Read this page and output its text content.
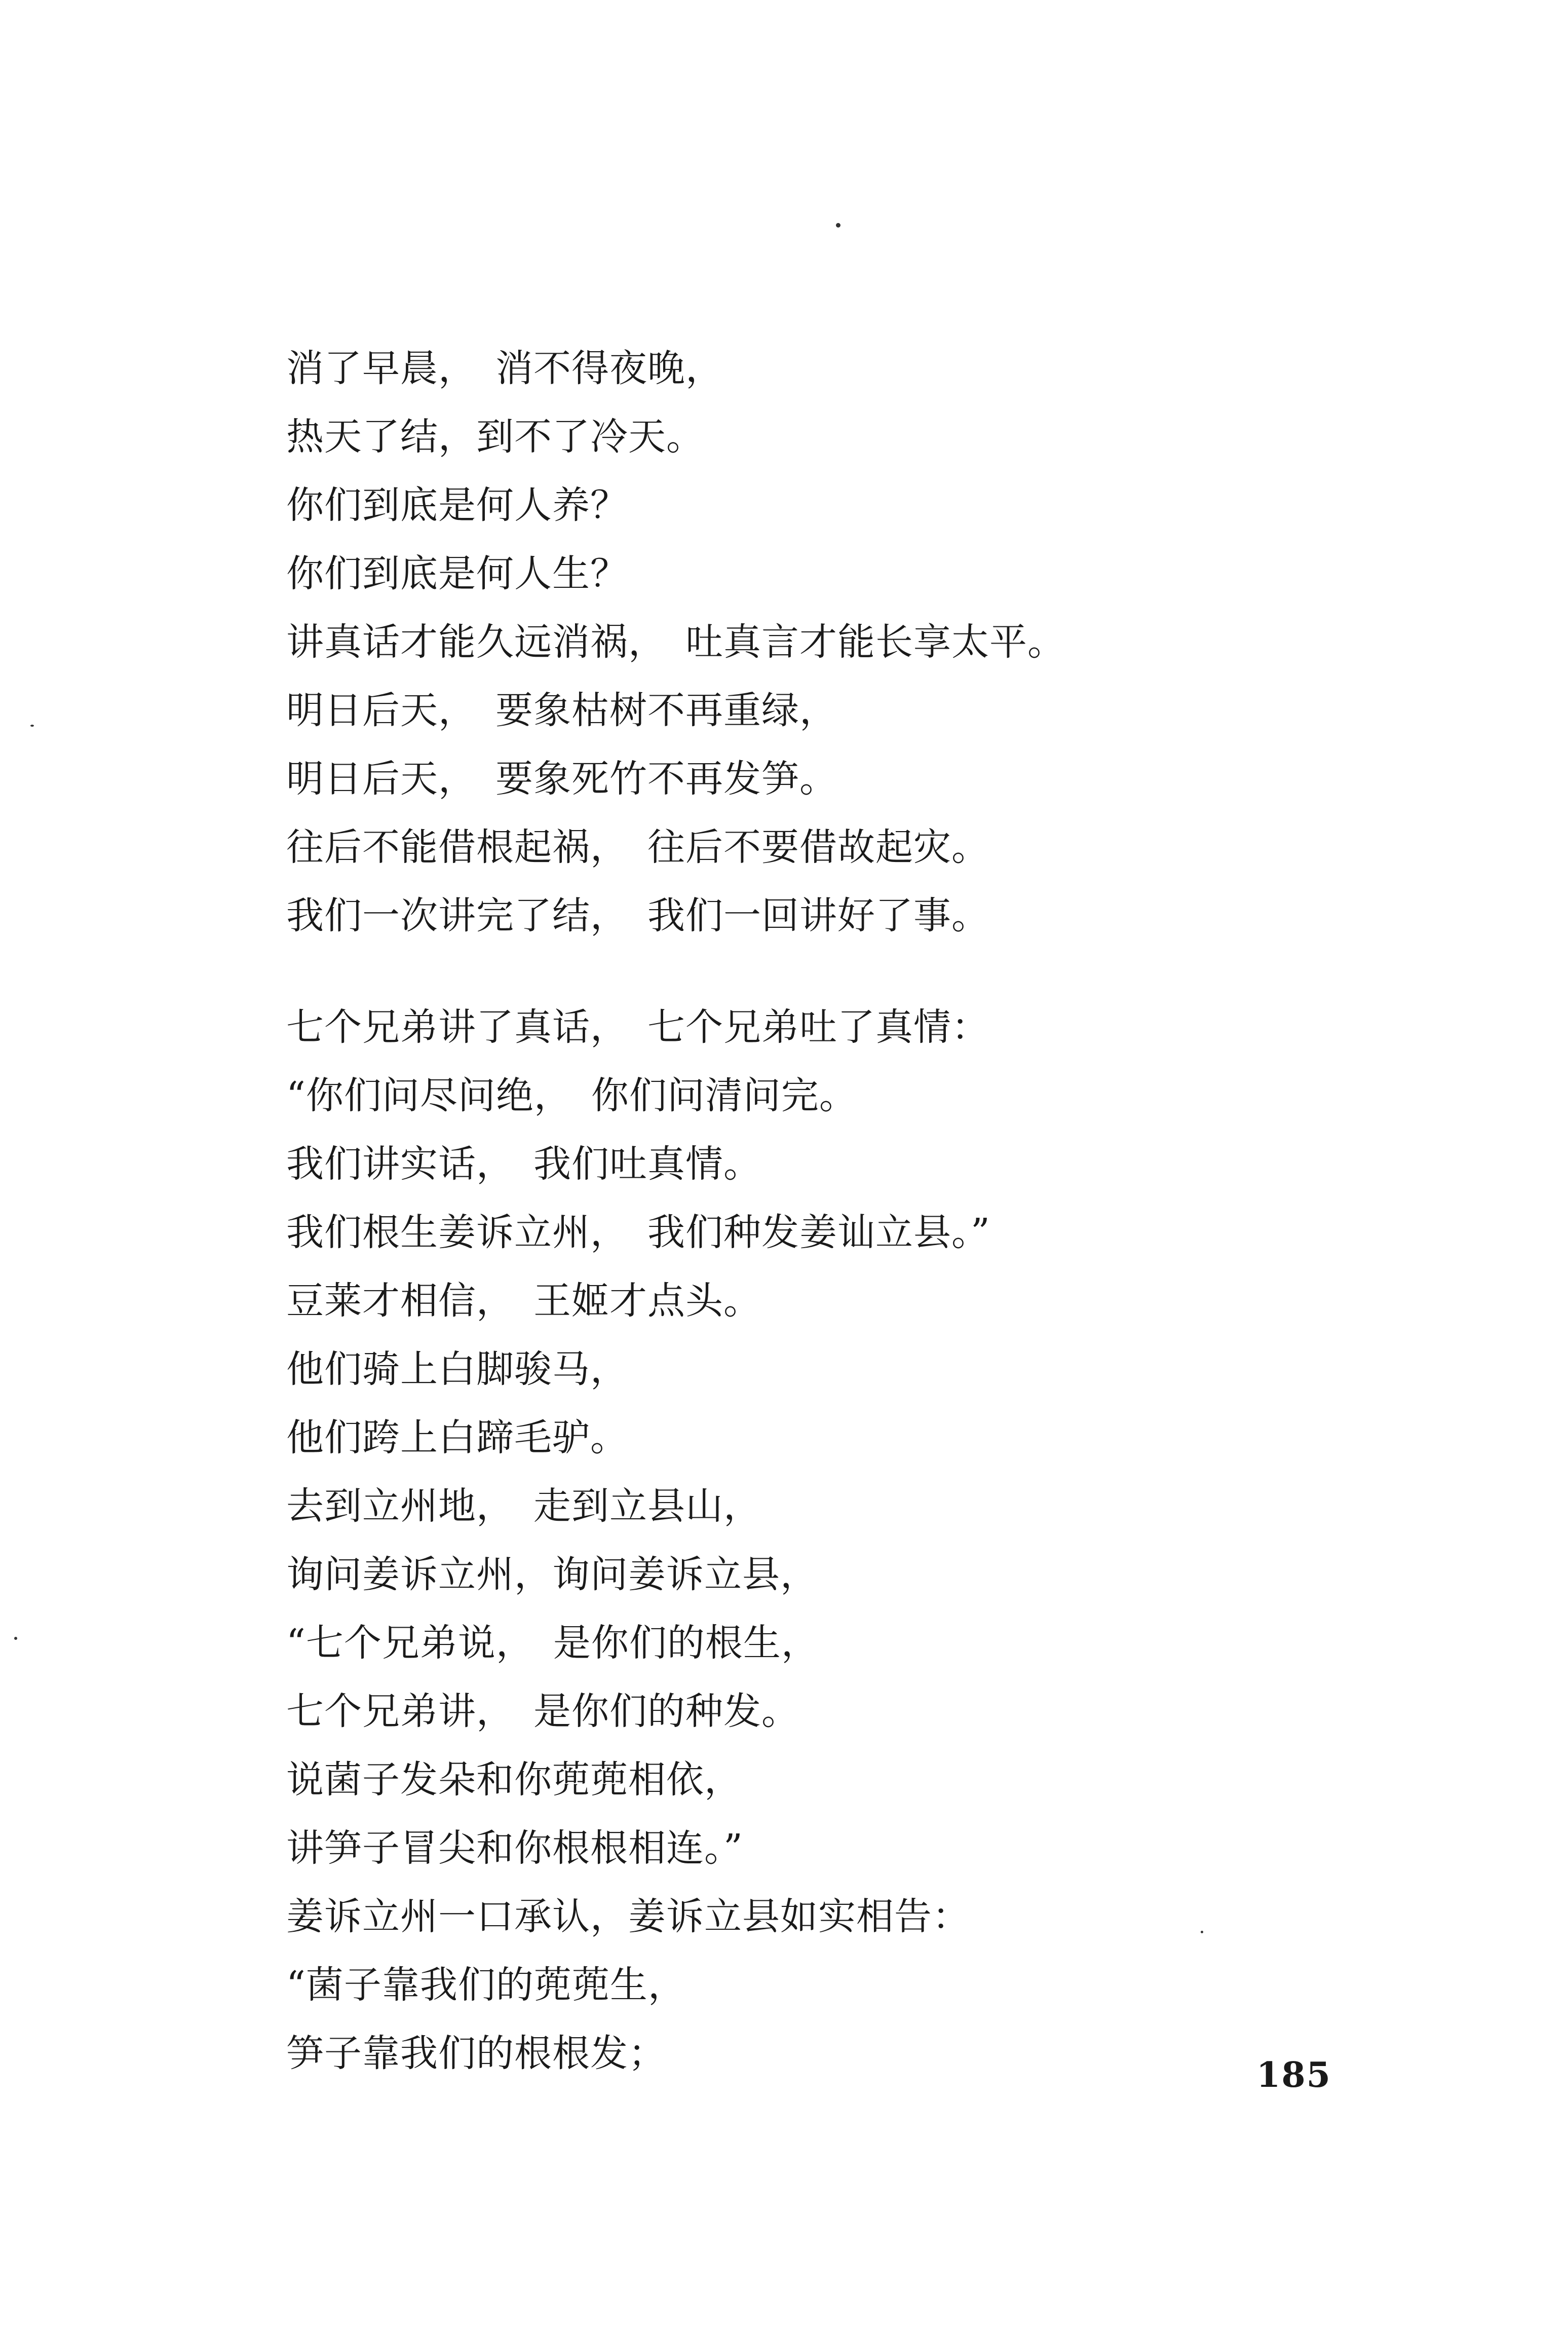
消了早晨，　消不得夜晚，
热天了结，到不了冷天。
你们到底是何人养？
你们到底是何人生？
讲真话才能久远消祸，　吐真言才能长享太平。
明日后天，　要象枯树不再重绿，
明日后天，　要象死竹不再发笋。
往后不能借根起祸，　往后不要借故起灾。
我们一次讲完了结，　我们一回讲好了事。
七个兄弟讲了真话，　七个兄弟吐了真情：
“你们问尽问绝，　你们问清问完。
我们讲实话，　我们吐真情。
我们根生姜诉立州，　我们种发姜讪立县。”
豆莱才相信，　王姬才点头。
他们骑上白脚骏马，
他们跨上白蹄毛驴。
去到立州地，　走到立县山，
询问姜诉立州，询问姜诉立县，
“七个兄弟说，　是你们的根生，
七个兄弟讲，　是你们的种发。
说菌子发朵和你蔸蔸相依，
讲笋子冒尖和你根根相连。”
姜诉立州一口承认，姜诉立县如实相告：
“菌子靠我们的蔸蔸生，
笋子靠我们的根根发；	185
